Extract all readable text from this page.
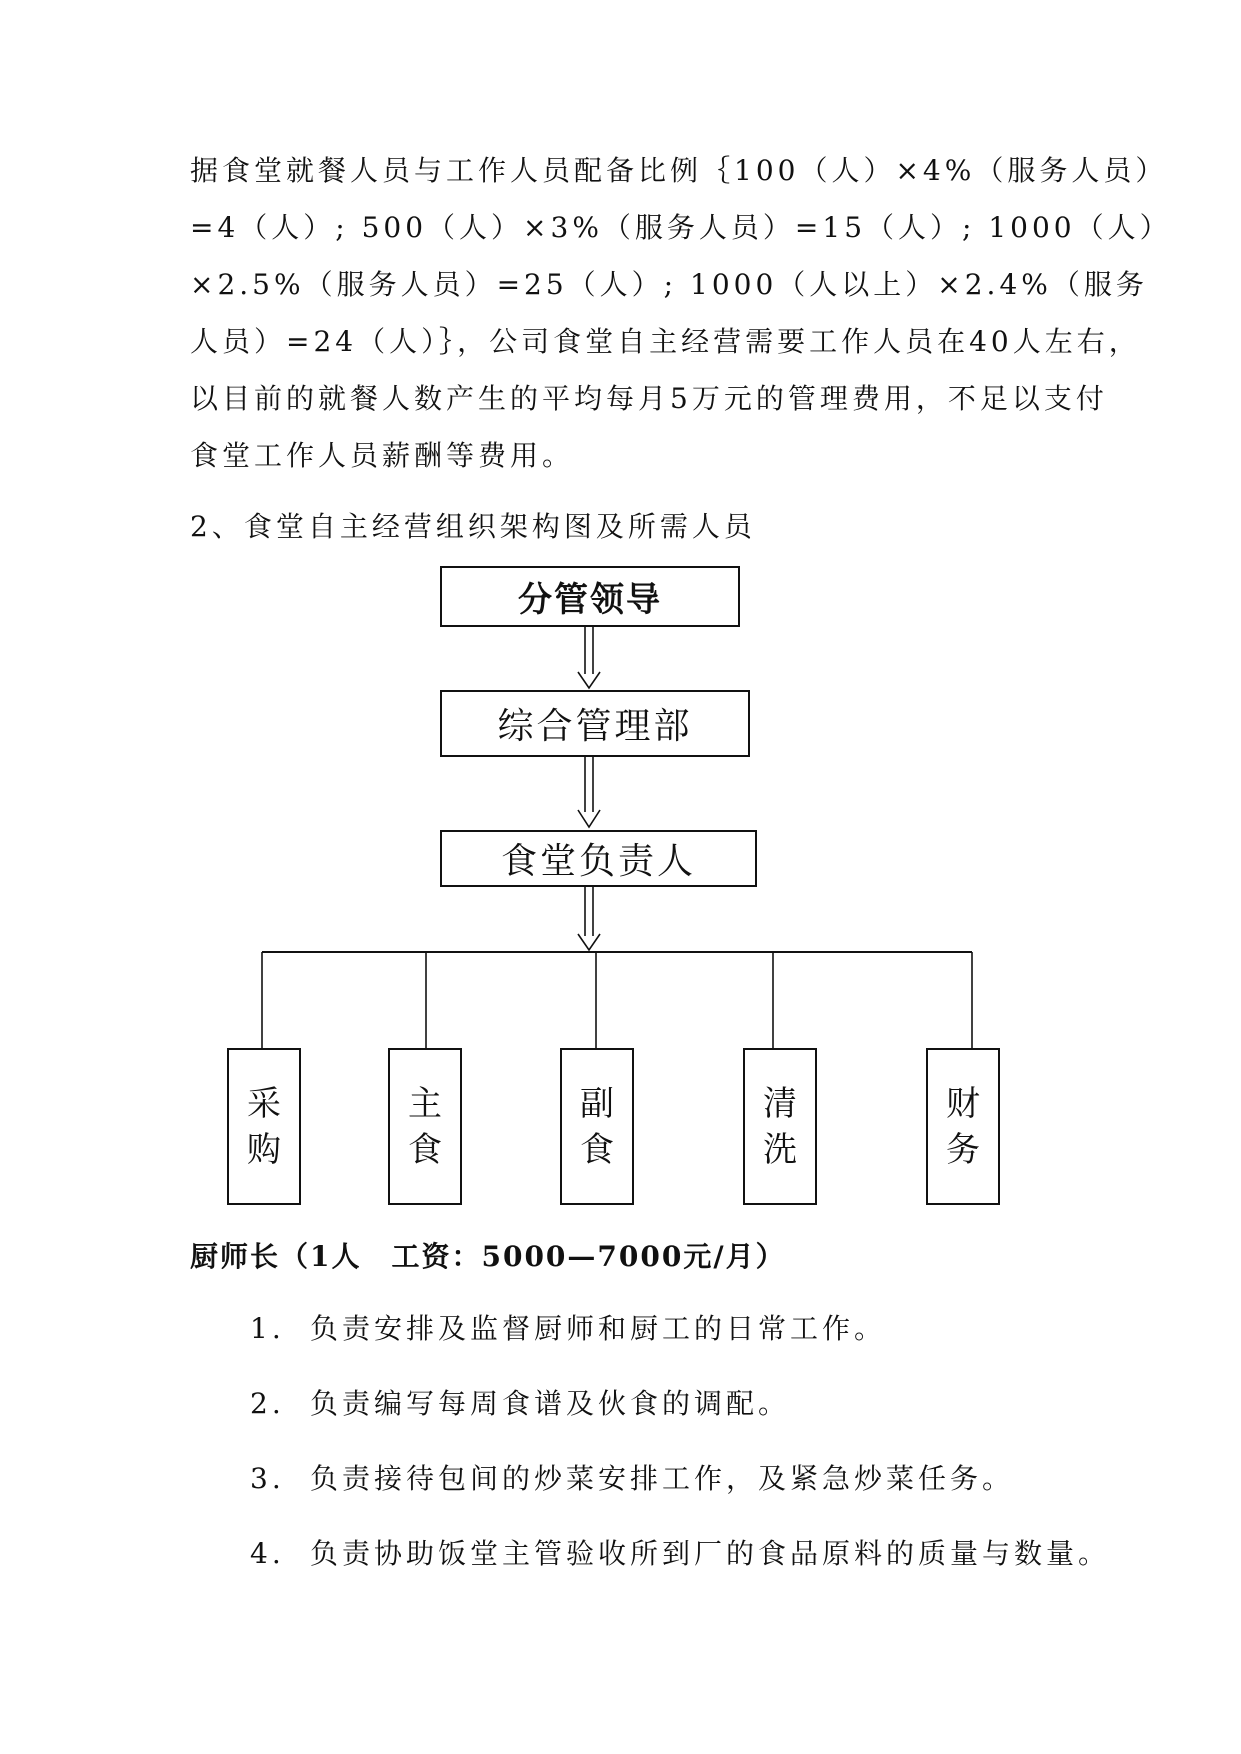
据食堂就餐人员与工作人员配备比例｛100（人）×4%（服务人员）
=4（人）; 500（人）×3%（服务人员）=15（人）; 1000（人）
×2.5%（服务人员）=25（人）; 1000（人以上）×2.4%（服务
人员）=24（人）｝，公司食堂自主经营需要工作人员在40人左右，
以目前的就餐人数产生的平均每月5万元的管理费用，不足以支付
食堂工作人员薪酬等费用。
2、食堂自主经营组织架构图及所需人员
分管领导
综合管理部
食堂负责人
采
购
主
食
副
食
清
洗
财
务
厨师长（1人　工资：5000—7000元/月）
1. 负责安排及监督厨师和厨工的日常工作。
2. 负责编写每周食谱及伙食的调配。
3. 负责接待包间的炒菜安排工作，及紧急炒菜任务。
4. 负责协助饭堂主管验收所到厂的食品原料的质量与数量。
